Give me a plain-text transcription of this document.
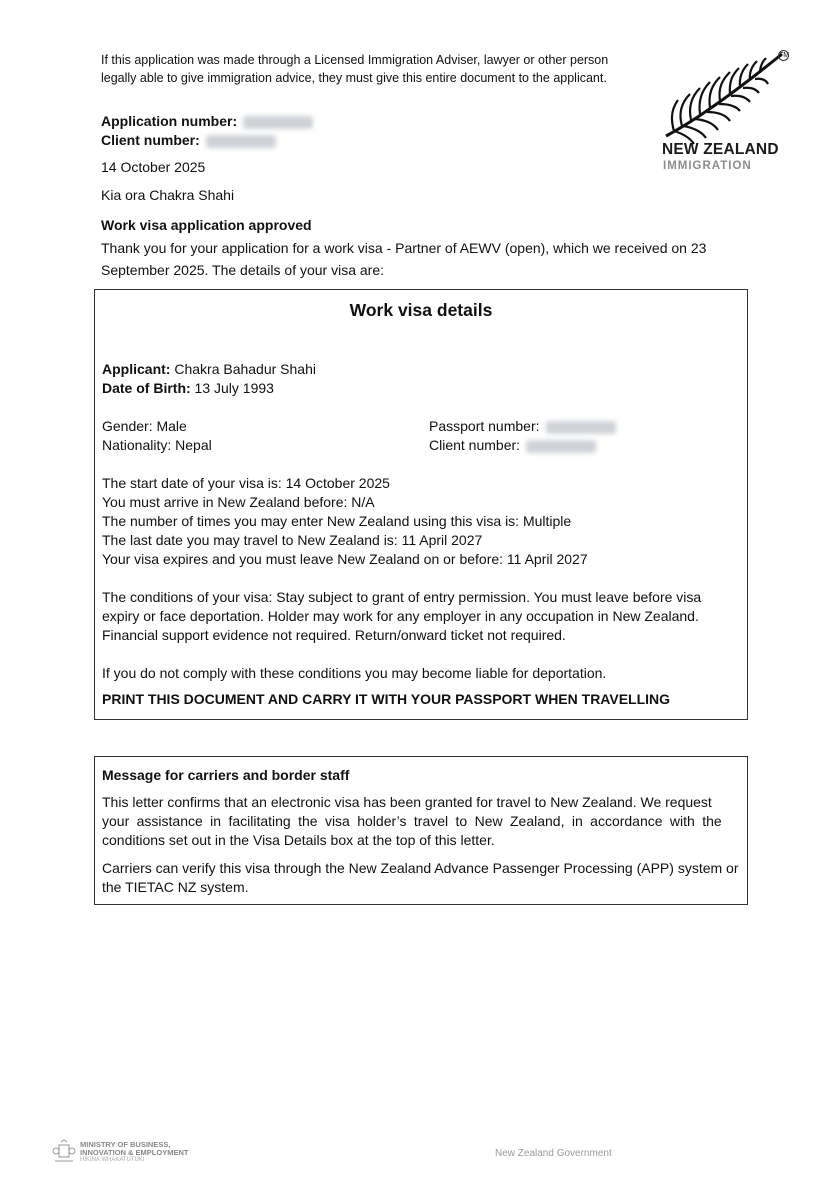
If this application was made through a Licensed Immigration Adviser, lawyer or other person
legally able to give immigration advice, they must give this entire document to the applicant.
TM
NEW ZEALAND
IMMIGRATION
Application number:
Client number:
14 October 2025
Kia ora Chakra Shahi
Work visa application approved
Thank you for your application for a work visa - Partner of AEWV (open), which we received on 23
September 2025. The details of your visa are:
Work visa details
Applicant: Chakra Bahadur Shahi
Date of Birth: 13 July 1993
Gender: Male
Nationality: Nepal
Passport number:
Client number:
The start date of your visa is: 14 October 2025
You must arrive in New Zealand before: N/A
The number of times you may enter New Zealand using this visa is: Multiple
The last date you may travel to New Zealand is: 11 April 2027
Your visa expires and you must leave New Zealand on or before: 11 April 2027
The conditions of your visa: Stay subject to grant of entry permission. You must leave before visa
expiry or face deportation. Holder may work for any employer in any occupation in New Zealand.
Financial support evidence not required. Return/onward ticket not required.
If you do not comply with these conditions you may become liable for deportation.
PRINT THIS DOCUMENT AND CARRY IT WITH YOUR PASSPORT WHEN TRAVELLING
Message for carriers and border staff
This letter confirms that an electronic visa has been granted for travel to New Zealand. We request
your assistance in facilitating the visa holder’s travel to New Zealand, in accordance with the
conditions set out in the Visa Details box at the top of this letter.
Carriers can verify this visa through the New Zealand Advance Passenger Processing (APP) system or
the TIETAC NZ system.
MINISTRY OF BUSINESS,
INNOVATION & EMPLOYMENT
HĪKINA WHAKATUTUKI
New Zealand Government
